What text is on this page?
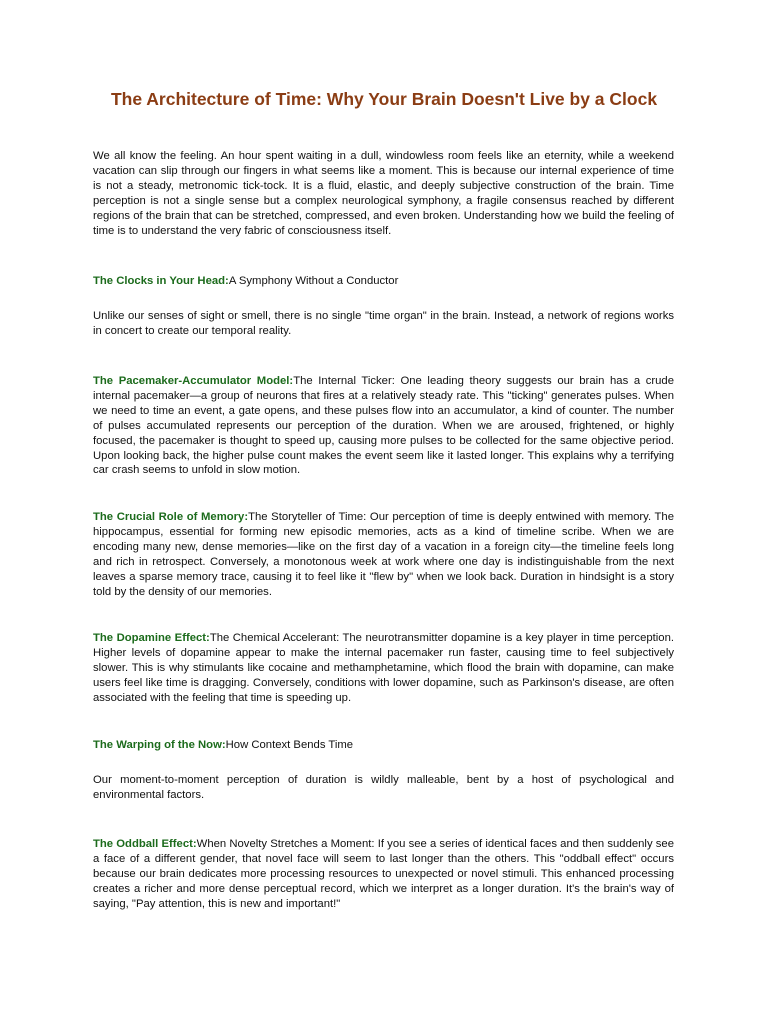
The Architecture of Time: Why Your Brain Doesn't Live by a Clock

We all know the feeling. An hour spent waiting in a dull, windowless room feels like an eternity, while a weekend vacation can slip through our fingers in what seems like a moment. This is because our internal experience of time is not a steady, metronomic tick-tock. It is a fluid, elastic, and deeply subjective construction of the brain. Time perception is not a single sense but a complex neurological symphony, a fragile consensus reached by different regions of the brain that can be stretched, compressed, and even broken. Understanding how we build the feeling of time is to understand the very fabric of consciousness itself.

The Clocks in Your Head:A Symphony Without a Conductor

Unlike our senses of sight or smell, there is no single "time organ" in the brain. Instead, a network of regions works in concert to create our temporal reality.

The Pacemaker-Accumulator Model:The Internal Ticker: One leading theory suggests our brain has a crude internal pacemaker—a group of neurons that fires at a relatively steady rate. This "ticking" generates pulses. When we need to time an event, a gate opens, and these pulses flow into an accumulator, a kind of counter. The number of pulses accumulated represents our perception of the duration. When we are aroused, frightened, or highly focused, the pacemaker is thought to speed up, causing more pulses to be collected for the same objective period. Upon looking back, the higher pulse count makes the event seem like it lasted longer. This explains why a terrifying car crash seems to unfold in slow motion.

The Crucial Role of Memory:The Storyteller of Time: Our perception of time is deeply entwined with memory. The hippocampus, essential for forming new episodic memories, acts as a kind of timeline scribe. When we are encoding many new, dense memories—like on the first day of a vacation in a foreign city—the timeline feels long and rich in retrospect. Conversely, a monotonous week at work where one day is indistinguishable from the next leaves a sparse memory trace, causing it to feel like it "flew by" when we look back. Duration in hindsight is a story told by the density of our memories.

The Dopamine Effect:The Chemical Accelerant: The neurotransmitter dopamine is a key player in time perception. Higher levels of dopamine appear to make the internal pacemaker run faster, causing time to feel subjectively slower. This is why stimulants like cocaine and methamphetamine, which flood the brain with dopamine, can make users feel like time is dragging. Conversely, conditions with lower dopamine, such as Parkinson's disease, are often associated with the feeling that time is speeding up.

The Warping of the Now:How Context Bends Time

Our moment-to-moment perception of duration is wildly malleable, bent by a host of psychological and environmental factors.

The Oddball Effect:When Novelty Stretches a Moment: If you see a series of identical faces and then suddenly see a face of a different gender, that novel face will seem to last longer than the others. This "oddball effect" occurs because our brain dedicates more processing resources to unexpected or novel stimuli. This enhanced processing creates a richer and more dense perceptual record, which we interpret as a longer duration. It's the brain's way of saying, "Pay attention, this is new and important!"
